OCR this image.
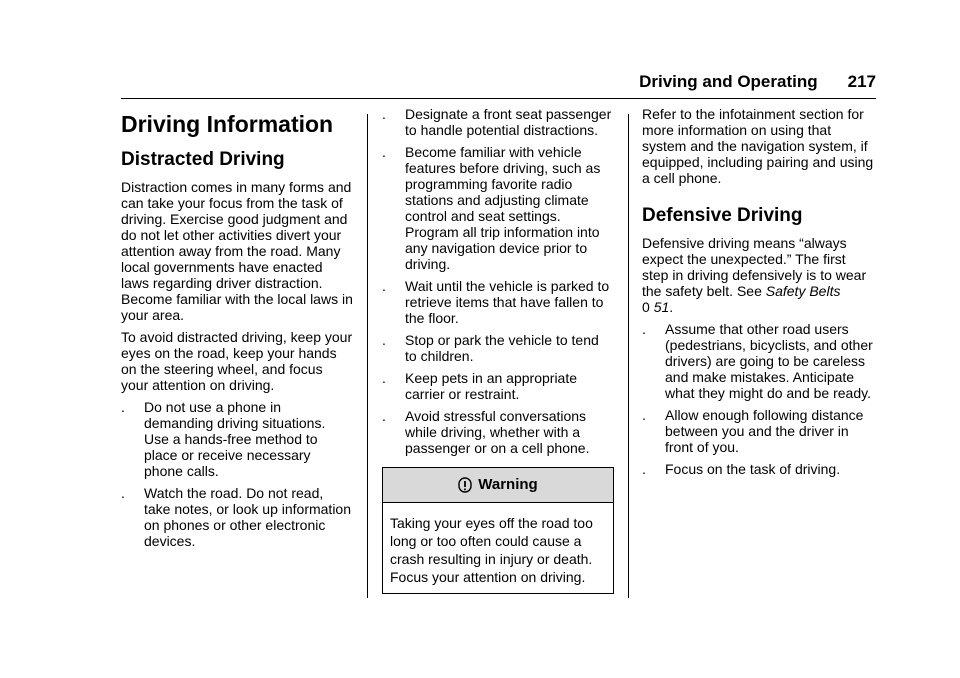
Driving and Operating 217
Driving Information
Distracted Driving

Distraction comes in many forms and can take your focus from the task of driving. Exercise good judgment and do not let other activities divert your attention away from the road. Many local governments have enacted laws regarding driver distraction. Become familiar with the local laws in your area.

To avoid distracted driving, keep your eyes on the road, keep your hands on the steering wheel, and focus your attention on driving.

. Do not use a phone in demanding driving situations. Use a hands-free method to place or receive necessary phone calls.
. Watch the road. Do not read, take notes, or look up information on phones or other electronic devices.
. Designate a front seat passenger to handle potential distractions.
. Become familiar with vehicle features before driving, such as programming favorite radio stations and adjusting climate control and seat settings. Program all trip information into any navigation device prior to driving.
. Wait until the vehicle is parked to retrieve items that have fallen to the floor.
. Stop or park the vehicle to tend to children.
. Keep pets in an appropriate carrier or restraint.
. Avoid stressful conversations while driving, whether with a passenger or on a cell phone.
Warning
Taking your eyes off the road too long or too often could cause a crash resulting in injury or death. Focus your attention on driving.

Refer to the infotainment section for more information on using that system and the navigation system, if equipped, including pairing and using a cell phone.

Defensive Driving

Defensive driving means “always expect the unexpected.” The first step in driving defensively is to wear the safety belt. See Safety Belts
0 51.

. Assume that other road users (pedestrians, bicyclists, and other drivers) are going to be careless and make mistakes. Anticipate what they might do and be ready.
. Allow enough following distance between you and the driver in front of you.
. Focus on the task of driving.
